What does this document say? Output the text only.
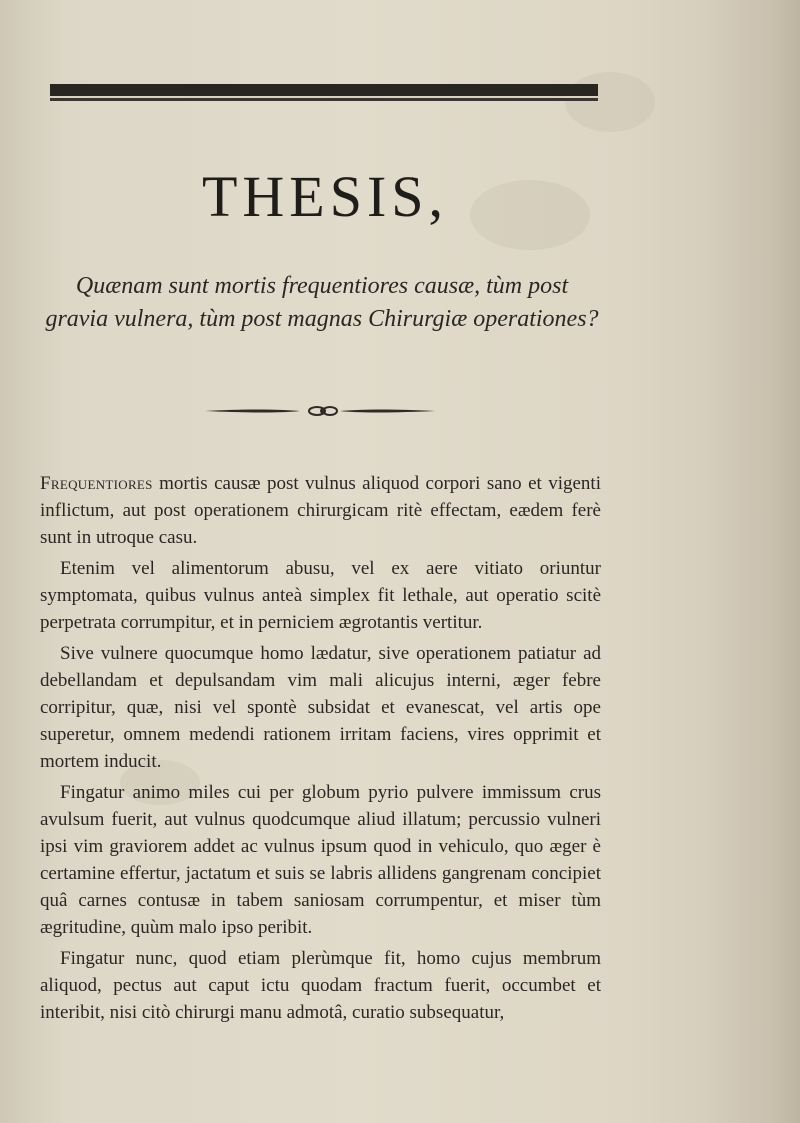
THESIS,
Quænam sunt mortis frequentiores causæ, tùm post gravia vulnera, tùm post magnas Chirurgiæ operationes?

Frequentiores mortis causæ post vulnus aliquod corpori sano et vigenti inflictum, aut post operationem chirurgicam ritè effectam, eædem ferè sunt in utroque casu.

Etenim vel alimentorum abusu, vel ex aere vitiato oriuntur symptomata, quibus vulnus anteà simplex fit lethale, aut operatio scitè perpetrata corrumpitur, et in perniciem ægrotantis vertitur.

Sive vulnere quocumque homo lædatur, sive operationem patiatur ad debellandam et depulsandam vim mali alicujus interni, æger febre corripitur, quæ, nisi vel spontè subsidat et evanescat, vel artis ope superetur, omnem medendi rationem irritam faciens, vires opprimit et mortem inducit.

Fingatur animo miles cui per globum pyrio pulvere immissum crus avulsum fuerit, aut vulnus quodcumque aliud illatum; percussio vulneri ipsi vim graviorem addet ac vulnus ipsum quod in vehiculo, quo æger è certamine effertur, jactatum et suis se labris allidens gangrenam concipiet quâ carnes contusæ in tabem saniosam corrumpentur, et miser tùm ægritudine, quùm malo ipso peribit.

Fingatur nunc, quod etiam plerùmque fit, homo cujus membrum aliquod, pectus aut caput ictu quodam fractum fuerit, occumbet et interibit, nisi citò chirurgi manu admotâ, curatio subsequatur,
